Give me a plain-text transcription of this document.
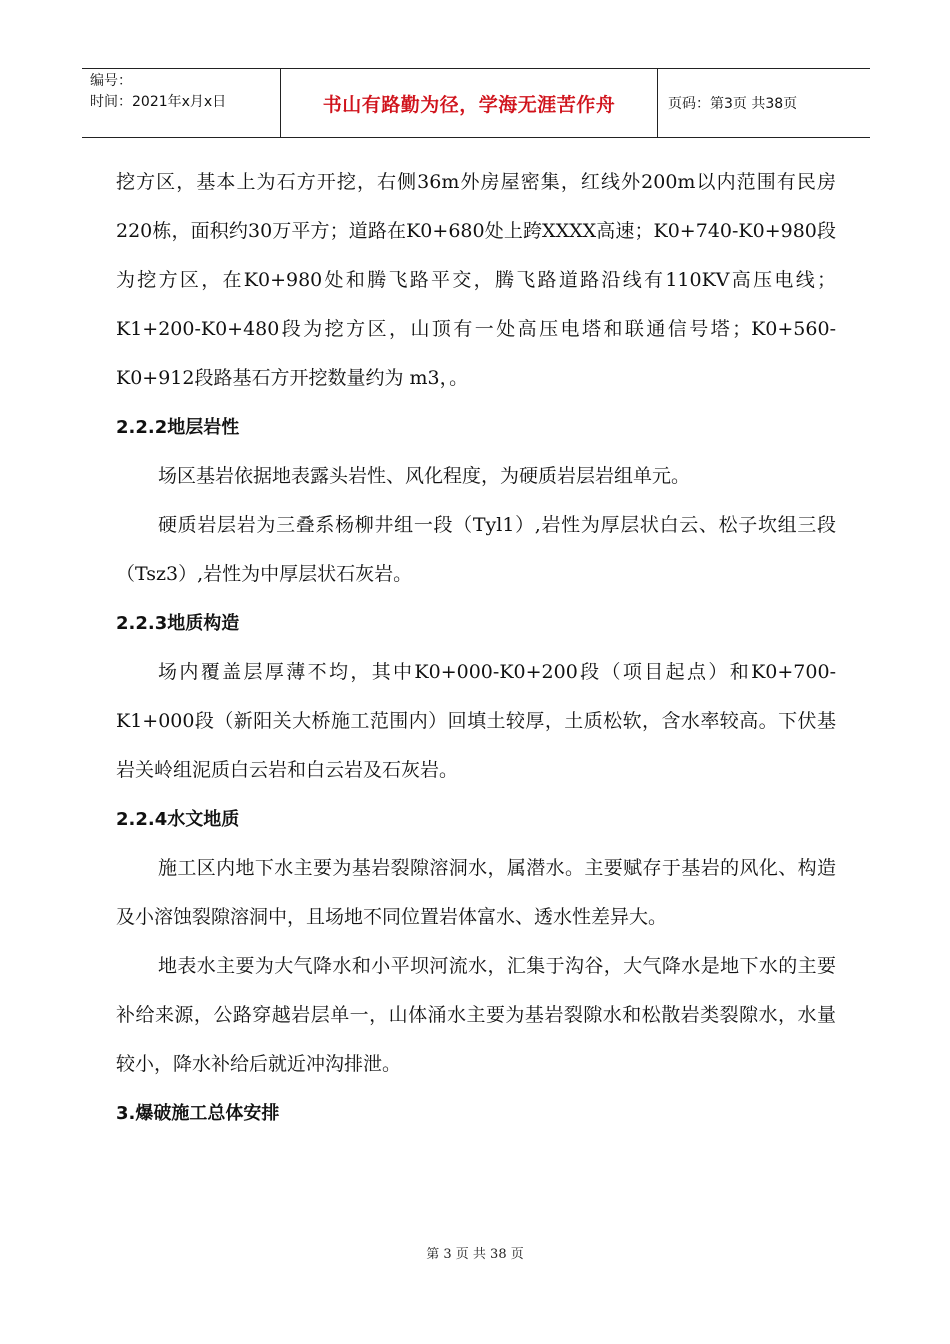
编号：
时间：2021年x月x日	书山有路勤为径，学海无涯苦作舟	页码：第3页 共38页

挖方区，基本上为石方开挖，右侧36m外房屋密集，红线外200m以内范围有民房220栋，面积约30万平方；道路在K0+680处上跨XXXX高速；K0+740-K0+980段为挖方区，在K0+980处和腾飞路平交，腾飞路道路沿线有110KV高压电线；K1+200-K0+480段为挖方区，山顶有一处高压电塔和联通信号塔；K0+560-K0+912段路基石方开挖数量约为 m3，。

2.2.2地层岩性

场区基岩依据地表露头岩性、风化程度，为硬质岩层岩组单元。

硬质岩层岩为三叠系杨柳井组一段（Tyl1）,岩性为厚层状白云、松子坎组三段（Tsz3）,岩性为中厚层状石灰岩。

2.2.3地质构造

场内覆盖层厚薄不均，其中K0+000-K0+200段（项目起点）和K0+700-K1+000段（新阳关大桥施工范围内）回填土较厚，土质松软，含水率较高。下伏基岩关岭组泥质白云岩和白云岩及石灰岩。

2.2.4水文地质

施工区内地下水主要为基岩裂隙溶洞水，属潜水。主要赋存于基岩的风化、构造及小溶蚀裂隙溶洞中，且场地不同位置岩体富水、透水性差异大。

地表水主要为大气降水和小平坝河流水，汇集于沟谷，大气降水是地下水的主要补给来源，公路穿越岩层单一，山体涌水主要为基岩裂隙水和松散岩类裂隙水，水量较小，降水补给后就近冲沟排泄。

3.爆破施工总体安排

第 3 页 共 38 页
